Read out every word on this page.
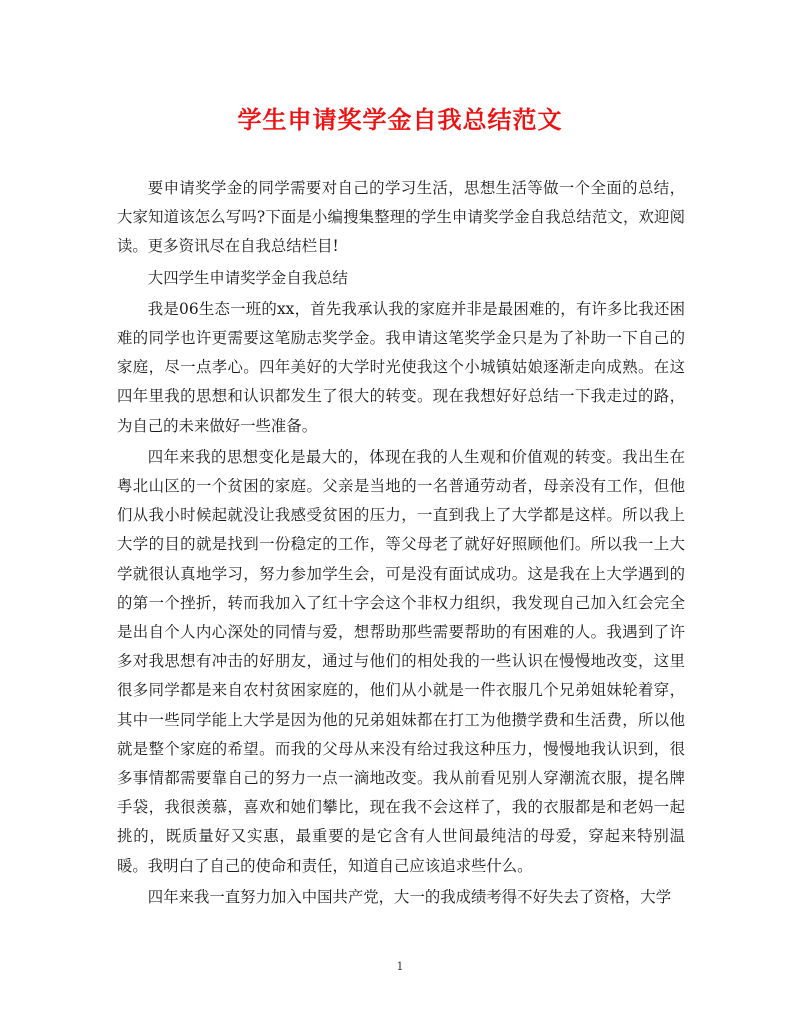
学生申请奖学金自我总结范文

要申请奖学金的同学需要对自己的学习生活，思想生活等做一个全面的总结，大家知道该怎么写吗?下面是小编搜集整理的学生申请奖学金自我总结范文，欢迎阅读。更多资讯尽在自我总结栏目!

大四学生申请奖学金自我总结

我是06生态一班的xx，首先我承认我的家庭并非是最困难的，有许多比我还困难的同学也许更需要这笔励志奖学金。我申请这笔奖学金只是为了补助一下自己的家庭，尽一点孝心。四年美好的大学时光使我这个小城镇姑娘逐渐走向成熟。在这四年里我的思想和认识都发生了很大的转变。现在我想好好总结一下我走过的路，为自己的未来做好一些准备。

四年来我的思想变化是最大的，体现在我的人生观和价值观的转变。我出生在粤北山区的一个贫困的家庭。父亲是当地的一名普通劳动者，母亲没有工作，但他们从我小时候起就没让我感受贫困的压力，一直到我上了大学都是这样。所以我上大学的目的就是找到一份稳定的工作，等父母老了就好好照顾他们。所以我一上大学就很认真地学习，努力参加学生会，可是没有面试成功。这是我在上大学遇到的的第一个挫折，转而我加入了红十字会这个非权力组织，我发现自己加入红会完全是出自个人内心深处的同情与爱，想帮助那些需要帮助的有困难的人。我遇到了许多对我思想有冲击的好朋友，通过与他们的相处我的一些认识在慢慢地改变，这里很多同学都是来自农村贫困家庭的，他们从小就是一件衣服几个兄弟姐妹轮着穿，其中一些同学能上大学是因为他的兄弟姐妹都在打工为他攒学费和生活费，所以他就是整个家庭的希望。而我的父母从来没有给过我这种压力，慢慢地我认识到，很多事情都需要靠自己的努力一点一滴地改变。我从前看见别人穿潮流衣服，提名牌手袋，我很羡慕，喜欢和她们攀比，现在我不会这样了，我的衣服都是和老妈一起挑的，既质量好又实惠，最重要的是它含有人世间最纯洁的母爱，穿起来特别温暖。我明白了自己的使命和责任，知道自己应该追求些什么。

四年来我一直努力加入中国共产党，大一的我成绩考得不好失去了资格，大学

1
